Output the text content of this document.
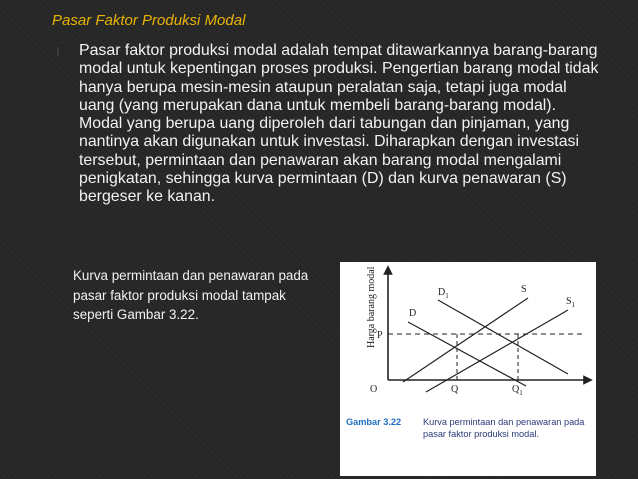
Pasar Faktor Produksi Modal
Pasar faktor produksi modal adalah tempat ditawarkannya barang-barang modal untuk kepentingan proses produksi. Pengertian barang modal tidak hanya berupa mesin-mesin ataupun peralatan saja, tetapi juga modal uang (yang merupakan dana untuk membeli barang-barang modal). Modal yang berupa uang diperoleh dari tabungan dan pinjaman, yang nantinya akan digunakan untuk investasi. Diharapkan dengan investasi tersebut, permintaan dan penawaran akan barang modal mengalami penigkatan, sehingga kurva permintaan (D) dan kurva penawaran (S) bergeser ke kanan.
Kurva permintaan dan penawaran pada pasar faktor produksi modal tampak seperti Gambar 3.22.	Harga barang modal
O
P
Q	$Q_1$
D
$D_1$
S
$S_1$
Gambar 3.22 Kurva permintaan dan penawaran pada pasar faktor produksi modal.
